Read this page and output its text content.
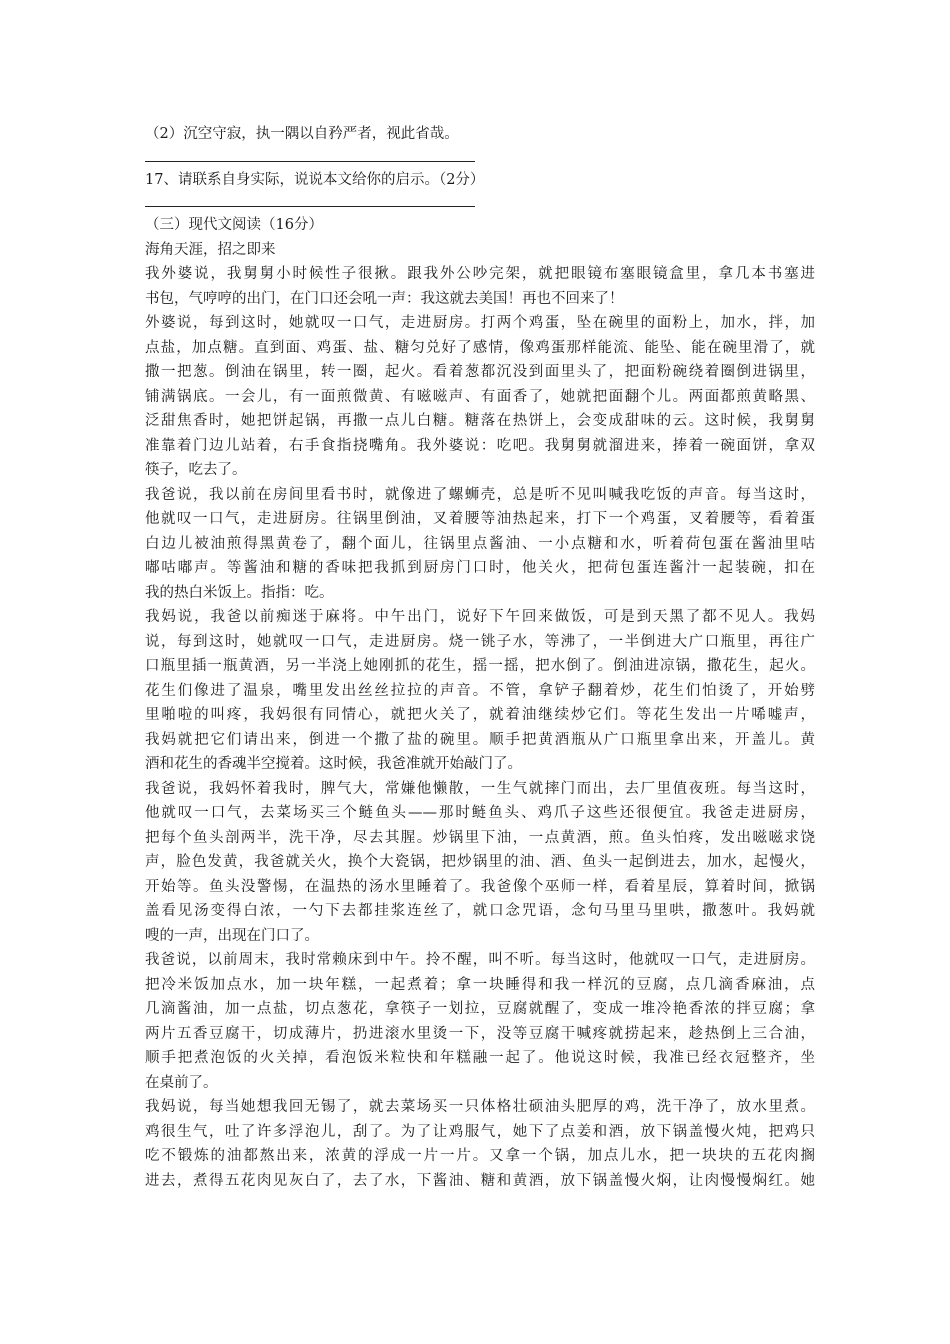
（2）沉空守寂，执一隅以自矜严者，视此省哉。

17、请联系自身实际，说说本文给你的启示。（2分）

（三）现代文阅读（16分）

海角天涯，招之即来

我外婆说，我舅舅小时候性子很揪。跟我外公吵完架，就把眼镜布塞眼镜盒里，拿几本书塞进

书包，气哼哼的出门，在门口还会吼一声：我这就去美国！再也不回来了！

外婆说，每到这时，她就叹一口气，走进厨房。打两个鸡蛋，坠在碗里的面粉上，加水，拌，加

点盐，加点糖。直到面、鸡蛋、盐、糖匀兑好了感情，像鸡蛋那样能流、能坠、能在碗里滑了，就

撒一把葱。倒油在锅里，转一圈，起火。看着葱都沉没到面里头了，把面粉碗绕着圈倒进锅里，

铺满锅底。一会儿，有一面煎微黄、有嗞嗞声、有面香了，她就把面翻个儿。两面都煎黄略黑、

泛甜焦香时，她把饼起锅，再撒一点儿白糖。糖落在热饼上，会变成甜味的云。这时候，我舅舅

准靠着门边儿站着，右手食指挠嘴角。我外婆说：吃吧。我舅舅就溜进来，捧着一碗面饼，拿双

筷子，吃去了。

我爸说，我以前在房间里看书时，就像进了螺蛳壳，总是听不见叫喊我吃饭的声音。每当这时，

他就叹一口气，走进厨房。往锅里倒油，叉着腰等油热起来，打下一个鸡蛋，叉着腰等，看着蛋

白边儿被油煎得黑黄卷了，翻个面儿，往锅里点酱油、一小点糖和水，听着荷包蛋在酱油里咕

嘟咕嘟声。等酱油和糖的香味把我抓到厨房门口时，他关火，把荷包蛋连酱汁一起装碗，扣在

我的热白米饭上。指指：吃。

我妈说，我爸以前痴迷于麻将。中午出门，说好下午回来做饭，可是到天黑了都不见人。我妈

说，每到这时，她就叹一口气，走进厨房。烧一铫子水，等沸了，一半倒进大广口瓶里，再往广

口瓶里插一瓶黄酒，另一半浇上她刚抓的花生，摇一摇，把水倒了。倒油进凉锅，撒花生，起火。

花生们像进了温泉，嘴里发出丝丝拉拉的声音。不管，拿铲子翻着炒，花生们怕烫了，开始劈

里啪啦的叫疼，我妈很有同情心，就把火关了，就着油继续炒它们。等花生发出一片唏嘘声，

我妈就把它们请出来，倒进一个撒了盐的碗里。顺手把黄酒瓶从广口瓶里拿出来，开盖儿。黄

酒和花生的香魂半空搅着。这时候，我爸准就开始敲门了。

我爸说，我妈怀着我时，脾气大，常嫌他懒散，一生气就摔门而出，去厂里值夜班。每当这时，

他就叹一口气，去菜场买三个鲢鱼头——那时鲢鱼头、鸡爪子这些还很便宜。我爸走进厨房，

把每个鱼头剖两半，洗干净，尽去其腥。炒锅里下油，一点黄酒，煎。鱼头怕疼，发出嗞嗞求饶

声，脸色发黄，我爸就关火，换个大瓷锅，把炒锅里的油、酒、鱼头一起倒进去，加水，起慢火，

开始等。鱼头没警惕，在温热的汤水里睡着了。我爸像个巫师一样，看着星辰，算着时间，掀锅

盖看见汤变得白浓，一勺下去都挂浆连丝了，就口念咒语，念句马里马里哄，撒葱叶。我妈就

嗖的一声，出现在门口了。

我爸说，以前周末，我时常赖床到中午。拎不醒，叫不听。每当这时，他就叹一口气，走进厨房。

把冷米饭加点水，加一块年糕，一起煮着；拿一块睡得和我一样沉的豆腐，点几滴香麻油，点

几滴酱油，加一点盐，切点葱花，拿筷子一划拉，豆腐就醒了，变成一堆冷艳香浓的拌豆腐；拿

两片五香豆腐干，切成薄片，扔进滚水里烫一下，没等豆腐干喊疼就捞起来，趁热倒上三合油，

顺手把煮泡饭的火关掉，看泡饭米粒快和年糕融一起了。他说这时候，我准已经衣冠整齐，坐

在桌前了。

我妈说，每当她想我回无锡了，就去菜场买一只体格壮硕油头肥厚的鸡，洗干净了，放水里煮。

鸡很生气，吐了许多浮泡儿，刮了。为了让鸡服气，她下了点姜和酒，放下锅盖慢火炖，把鸡只

吃不锻炼的油都熬出来，浓黄的浮成一片一片。又拿一个锅，加点儿水，把一块块的五花肉搁

进去，煮得五花肉见灰白了，去了水，下酱油、糖和黄酒，放下锅盖慢火焖，让肉慢慢焖红。她
